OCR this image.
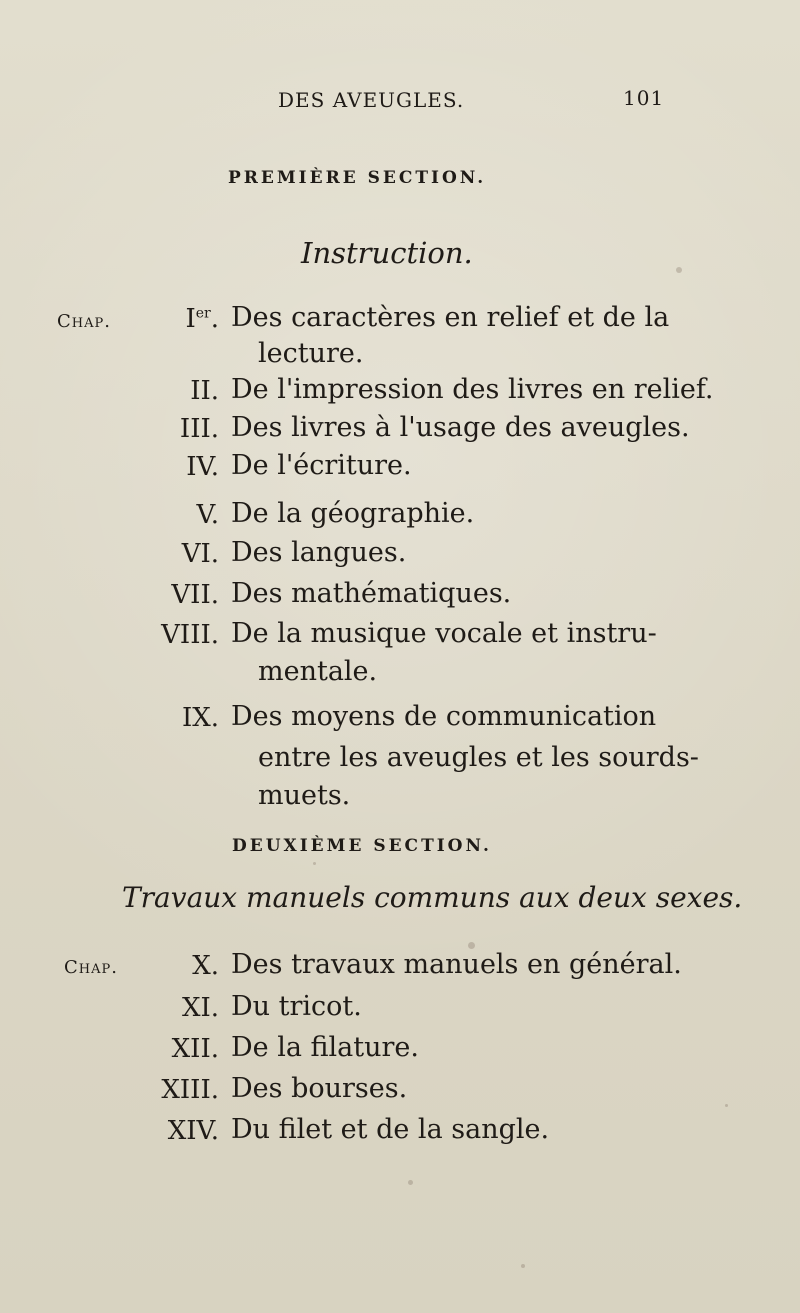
DES AVEUGLES.	101
PREMIÈRE SECTION.
Instruction.
Chap.	Ier. Des caractères en relief et de la
lecture.
II. De l'impression des livres en relief.
III. Des livres à l'usage des aveugles.
IV. De l'écriture.
V. De la géographie.
VI. Des langues.
VII. Des mathématiques.
VIII. De la musique vocale et instru-
mentale.
IX. Des moyens de communication
entre les aveugles et les sourds-
muets.
DEUXIÈME SECTION.
Travaux manuels communs aux deux sexes.
Chap.	X. Des travaux manuels en général.
XI. Du tricot.
XII. De la filature.
XIII. Des bourses.
XIV. Du filet et de la sangle.
